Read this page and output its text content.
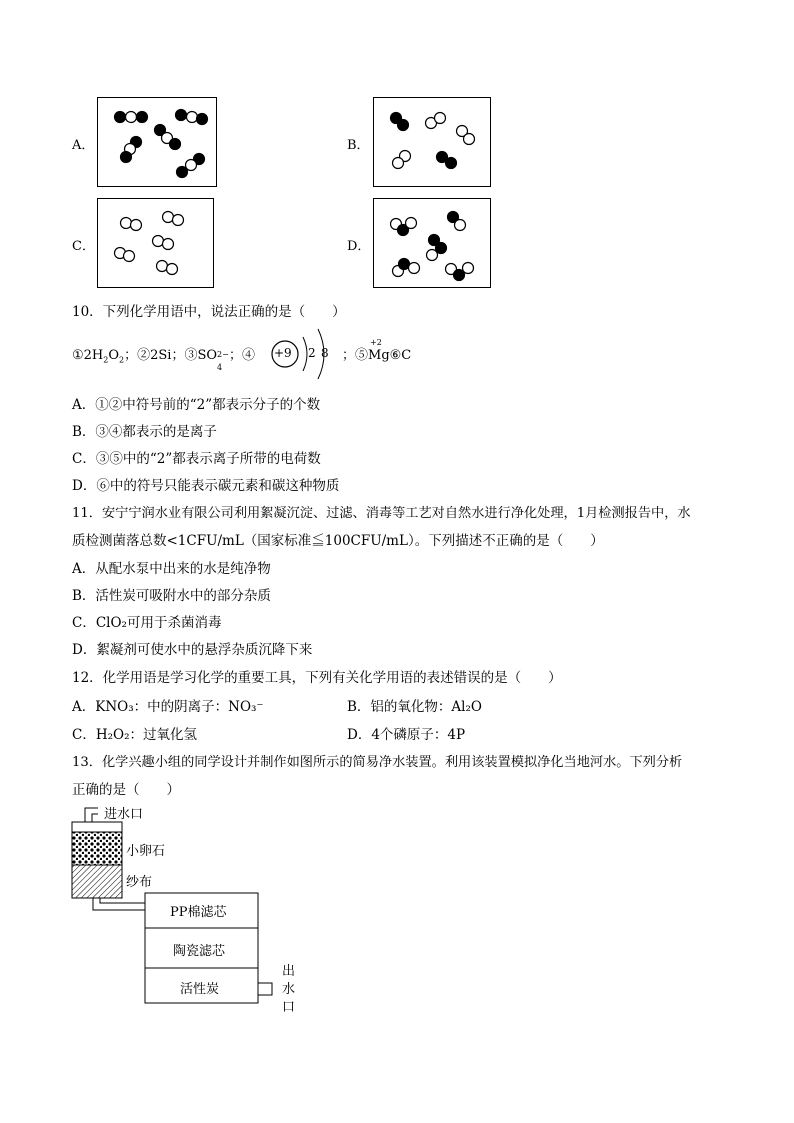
A．	B．
C．	D．
10．下列化学用语中，说法正确的是（　　）
$①2H_2O_2$；②2Si；③SO 2−
4
；④ +9 2 8 ；⑤
+2
Mg⑥C
A．①②中符号前的“2”都表示分子的个数
B．③④都表示的是离子
C．③⑤中的“2”都表示离子所带的电荷数
D．⑥中的符号只能表示碳元素和碳这种物质
11．安宁宁润水业有限公司利用絮凝沉淀、过滤、消毒等工艺对自然水进行净化处理，1月检测报告中，水
质检测菌落总数<1CFU/mL（国家标准≦100CFU/mL）。下列描述不正确的是（　　）
A．从配水泵中出来的水是纯净物
B．活性炭可吸附水中的部分杂质
C．ClO₂可用于杀菌消毒
D．絮凝剂可使水中的悬浮杂质沉降下来
12．化学用语是学习化学的重要工具，下列有关化学用语的表述错误的是（　　）
A．KNO₃：中的阴离子：NO₃⁻	B．铝的氧化物：Al₂O
C．H₂O₂：过氧化氢	D．4个磷原子：4P
13．化学兴趣小组的同学设计并制作如图所示的简易净水装置。利用该装置模拟净化当地河水。下列分析
正确的是（　　）
进水口
小卵石
纱布
PP棉滤芯
陶瓷滤芯
活性炭
出
水
口
